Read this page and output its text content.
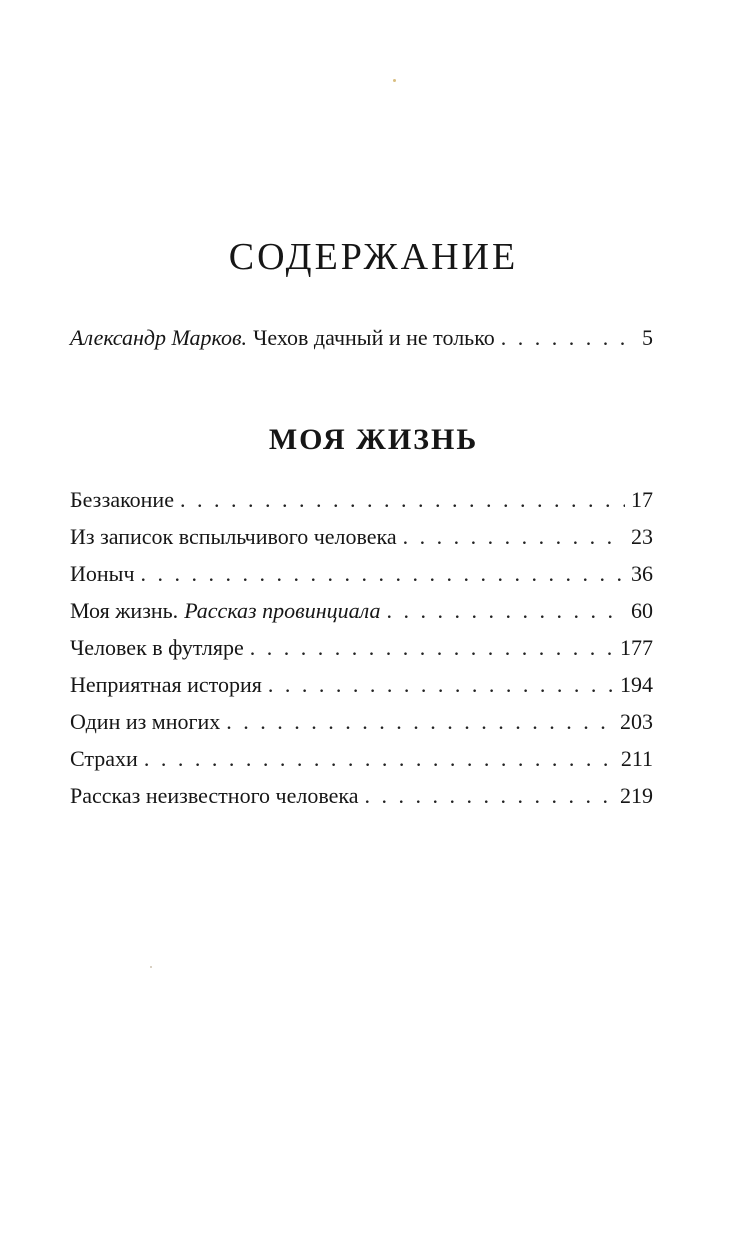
СОДЕРЖАНИЕ
Александр Марков. Чехов дачный и не только . . .	5
МОЯ ЖИЗНЬ
Беззаконие . . .	17
Из записок вспыльчивого человека . . .	23
Ионыч . . .	36
Моя жизнь. Рассказ провинциала . . .	60
Человек в футляре . . .	177
Неприятная история . . .	194
Один из многих . . .	203
Страхи . . .	211
Рассказ неизвестного человека . . .	219
